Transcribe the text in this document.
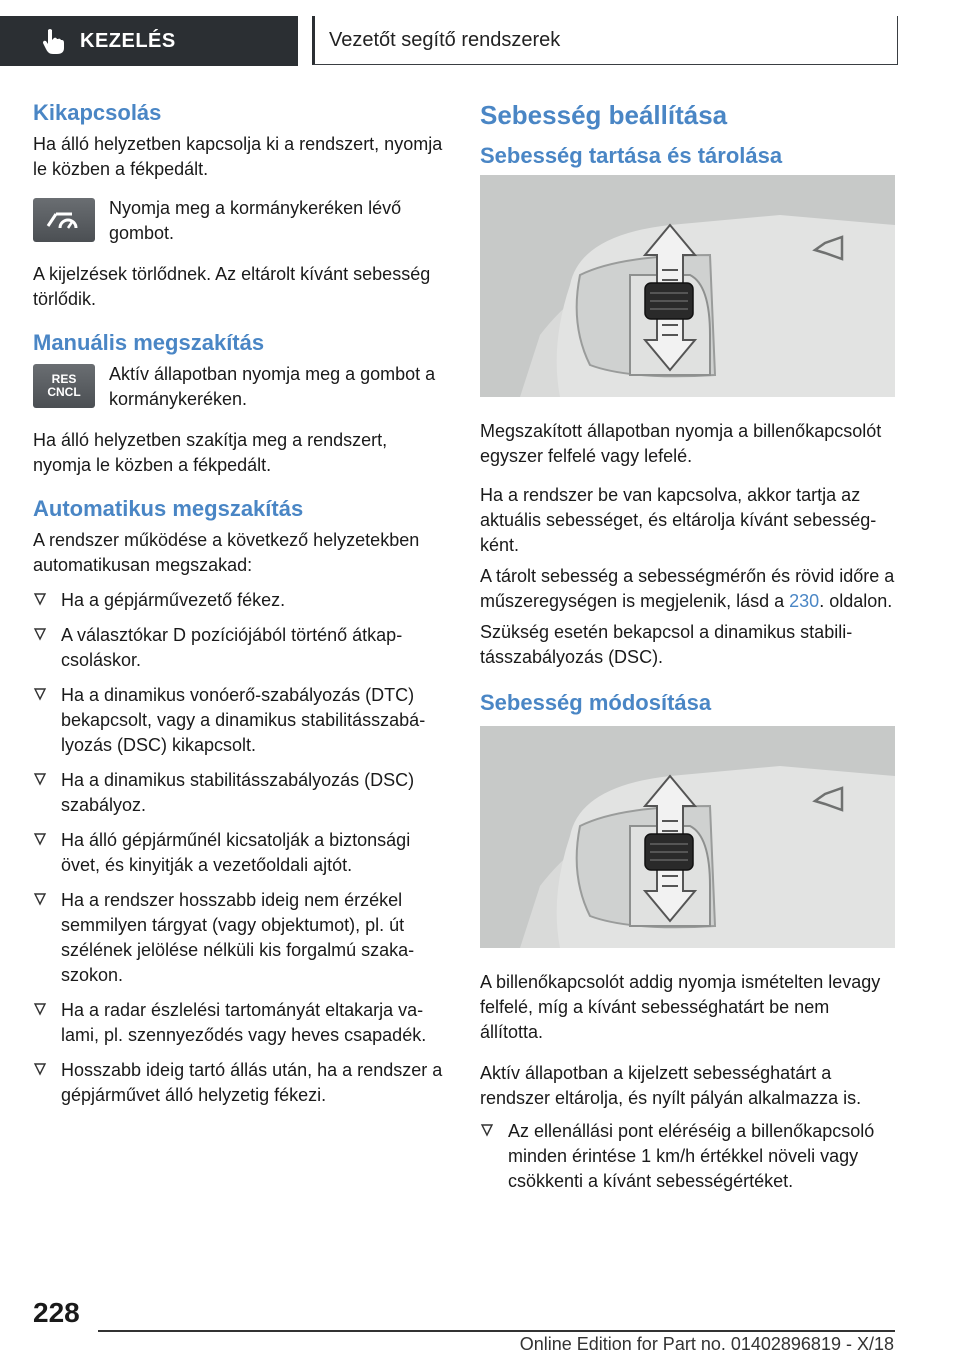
KEZELÉS	Vezetőt segítő rendszerek
Kikapcsolás

Ha álló helyzetben kapcsolja ki a rendszert, nyomja le közben a fékpedált.

Nyomja meg a kormánykeréken lévő gombot.

A kijelzések törlődnek. Az eltárolt kívánt sebesség törlődik.

Manuális megszakítás
RES
CNCL

Aktív állapotban nyomja meg a gombot a kormánykeréken.

Ha álló helyzetben szakítja meg a rendszert, nyomja le közben a fékpedált.

Automatikus megszakítás

A rendszer működése a következő helyzetekben automatikusan megszakad:

Ha a gépjárművezető fékez.
A választókar D pozíciójából történő átkapcsoláskor.
Ha a dinamikus vonóerő-szabályozás (DTC) bekapcsolt, vagy a dinamikus stabilitásszabályozás (DSC) kikapcsolt.
Ha a dinamikus stabilitásszabályozás (DSC) szabályoz.
Ha álló gépjárműnél kicsatolják a biztonsági övet, és kinyitják a vezetőoldali ajtót.
Ha a rendszer hosszabb ideig nem érzékel semmilyen tárgyat (vagy objektumot), pl. út szélének jelölése nélküli kis forgalmú szakaszokon.
Ha a radar észlelési tartományát eltakarja valami, pl. szennyeződés vagy heves csapadék.
Hosszabb ideig tartó állás után, ha a rendszer a gépjárművet álló helyzetig fékezi.
Sebesség beállítása
Sebesség tartása és tárolása

Megszakított állapotban nyomja a billenőkapcsolót egyszer felfelé vagy lefelé.

Ha a rendszer be van kapcsolva, akkor tartja az aktuális sebességet, és eltárolja kívánt sebességként.

A tárolt sebesség a sebességmérőn és rövid időre a műszeregységen is megjelenik, lásd a 230. oldalon.

Szükség esetén bekapcsol a dinamikus stabilitásszabályozás (DSC).

Sebesség módosítása

A billenőkapcsolót addig nyomja ismételten levagy felfelé, míg a kívánt sebességhatárt be nem állította.

Aktív állapotban a kijelzett sebességhatárt a rendszer eltárolja, és nyílt pályán alkalmazza is.

Az ellenállási pont eléréséig a billenőkapcsoló minden érintése 1 km/h értékkel növeli vagy csökkenti a kívánt sebességértéket.
228
Online Edition for Part no. 01402896819 - X/18
